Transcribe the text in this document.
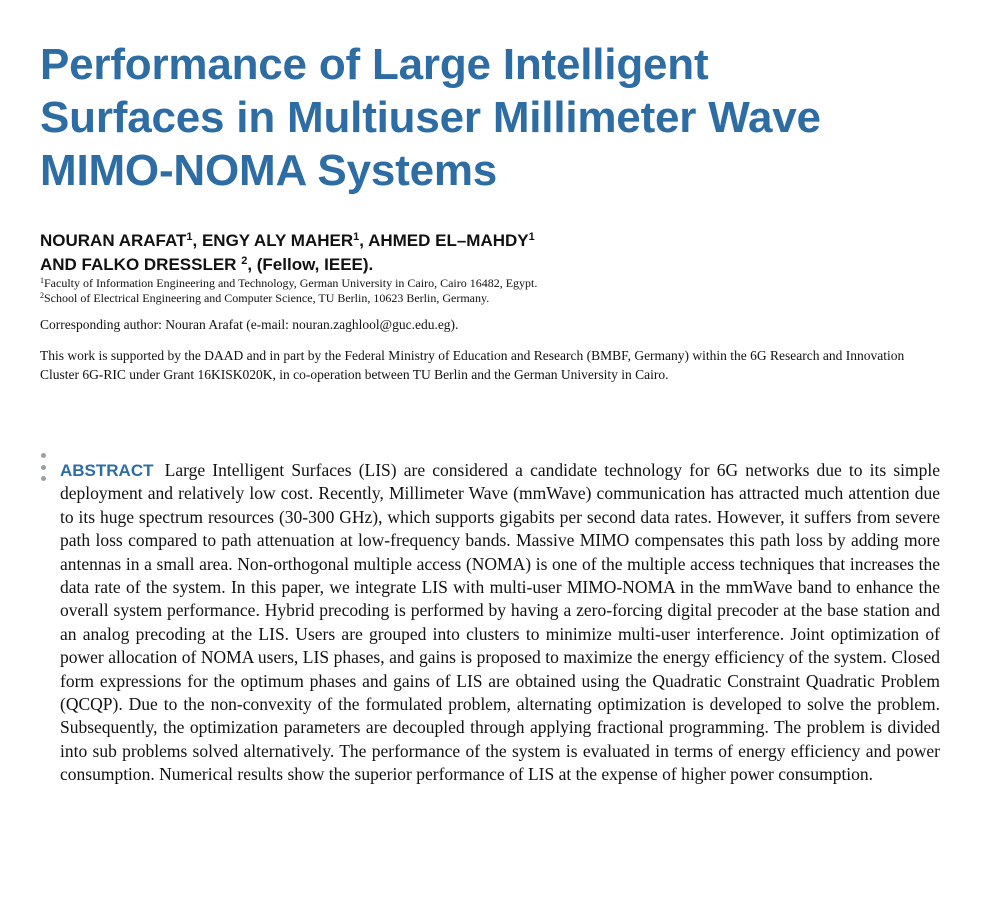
Performance of Large Intelligent
Surfaces in Multiuser Millimeter Wave
MIMO-NOMA Systems
NOURAN ARAFAT$^1$, ENGY ALY MAHER$^1$, AHMED EL–MAHDY$^1$
AND FALKO DRESSLER $^2$, (Fellow, IEEE).
$^1$Faculty of Information Engineering and Technology, German University in Cairo, Cairo 16482, Egypt.
$^2$School of Electrical Engineering and Computer Science, TU Berlin, 10623 Berlin, Germany.
Corresponding author: Nouran Arafat (e-mail: nouran.zaghlool@guc.edu.eg).
This work is supported by the DAAD and in part by the Federal Ministry of Education and Research (BMBF, Germany) within the 6G Research and Innovation Cluster 6G-RIC under Grant 16KISK020K, in co-operation between TU Berlin and the German University in Cairo.
ABSTRACT Large Intelligent Surfaces (LIS) are considered a candidate technology for 6G networks due to its simple deployment and relatively low cost. Recently, Millimeter Wave (mmWave) communication has attracted much attention due to its huge spectrum resources (30-300 GHz), which supports gigabits per second data rates. However, it suffers from severe path loss compared to path attenuation at low-frequency bands. Massive MIMO compensates this path loss by adding more antennas in a small area. Non-orthogonal multiple access (NOMA) is one of the multiple access techniques that increases the data rate of the system. In this paper, we integrate LIS with multi-user MIMO-NOMA in the mmWave band to enhance the overall system performance. Hybrid precoding is performed by having a zero-forcing digital precoder at the base station and an analog precoding at the LIS. Users are grouped into clusters to minimize multi-user interference. Joint optimization of power allocation of NOMA users, LIS phases, and gains is proposed to maximize the energy efficiency of the system. Closed form expressions for the optimum phases and gains of LIS are obtained using the Quadratic Constraint Quadratic Problem (QCQP). Due to the non-convexity of the formulated problem, alternating optimization is developed to solve the problem. Subsequently, the optimization parameters are decoupled through applying fractional programming. The problem is divided into sub problems solved alternatively. The performance of the system is evaluated in terms of energy efficiency and power consumption. Numerical results show the superior performance of LIS at the expense of higher power consumption.
